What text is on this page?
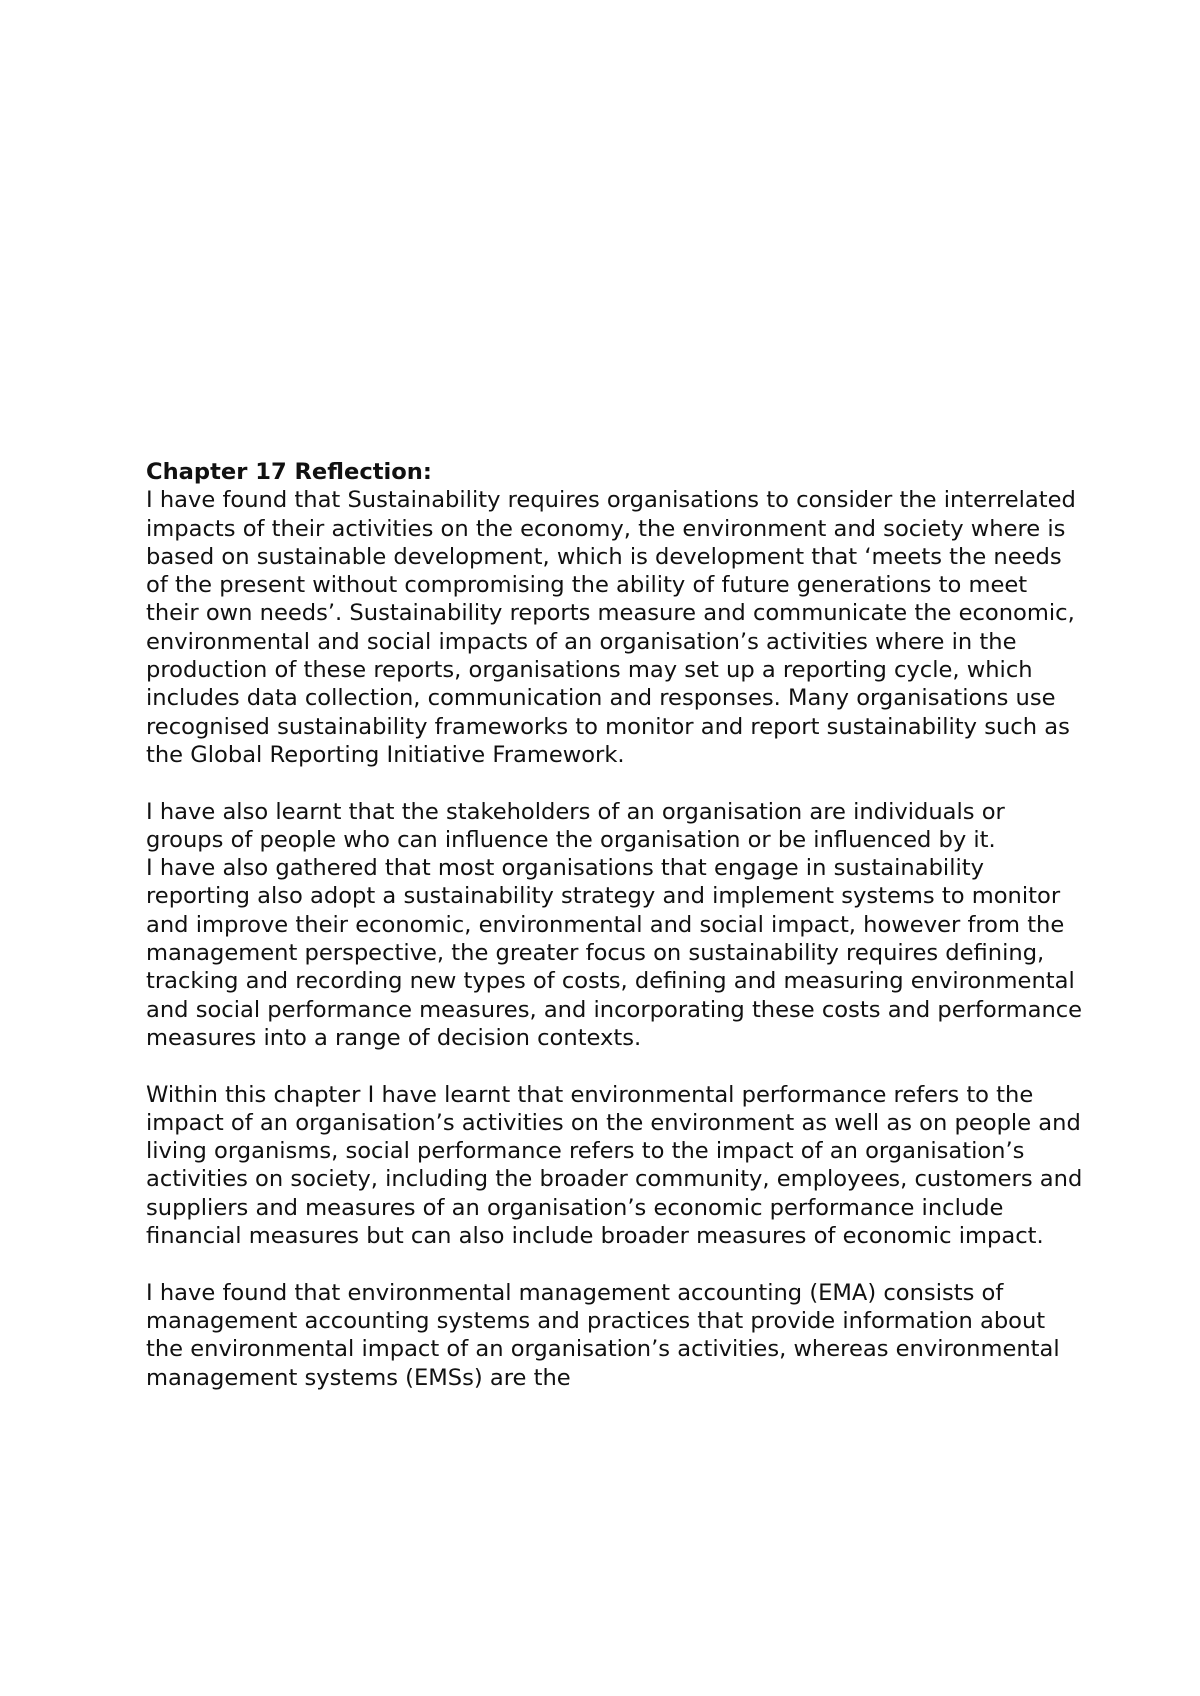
Chapter 17 Reflection:

I have found that Sustainability requires organisations to consider the interrelated impacts of their activities on the economy, the environment and society where is based on sustainable development, which is development that ‘meets the needs of the present without compromising the ability of future generations to meet their own needs’. Sustainability reports measure and communicate the economic, environmental and social impacts of an organisation’s activities where in the production of these reports, organisations may set up a reporting cycle, which includes data collection, communication and responses. Many organisations use recognised sustainability frameworks to monitor and report sustainability such as the Global Reporting Initiative Framework.

I have also learnt that the stakeholders of an organisation are individuals or groups of people who can influence the organisation or be influenced by it.

I have also gathered that most organisations that engage in sustainability reporting also adopt a sustainability strategy and implement systems to monitor and improve their economic, environmental and social impact, however from the management perspective, the greater focus on sustainability requires defining, tracking and recording new types of costs, defining and measuring environmental and social performance measures, and incorporating these costs and performance measures into a range of decision contexts.

Within this chapter I have learnt that environmental performance refers to the impact of an organisation’s activities on the environment as well as on people and living organisms, social performance refers to the impact of an organisation’s activities on society, including the broader community, employees, customers and suppliers and measures of an organisation’s economic performance include financial measures but can also include broader measures of economic impact.

I have found that environmental management accounting (EMA) consists of management accounting systems and practices that provide information about the environmental impact of an organisation’s activities, whereas environmental management systems (EMSs) are the
